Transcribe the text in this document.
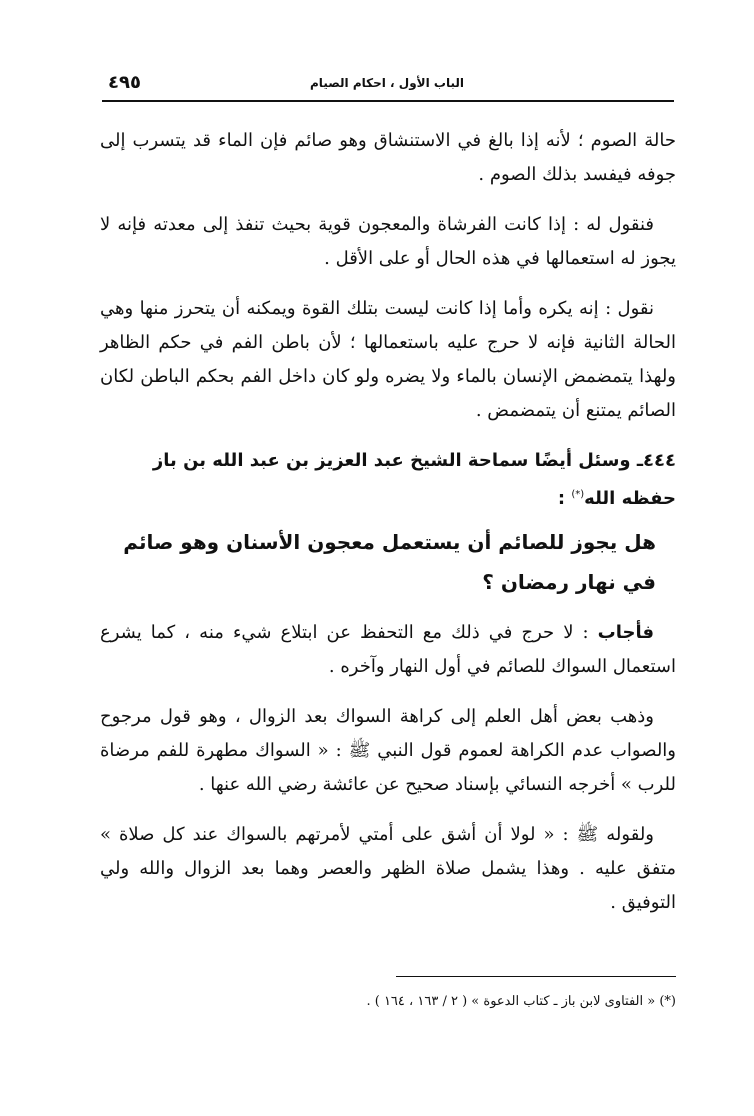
الباب الأول ، احكام الصيام
٤٩٥

حالة الصوم ؛ لأنه إذا بالغ في الاستنشاق وهو صائم فإن الماء قد يتسرب إلى جوفه فيفسد بذلك الصوم .

فنقول له : إذا كانت الفرشاة والمعجون قوية بحيث تنفذ إلى معدته فإنه لا يجوز له استعمالها في هذه الحال أو على الأقل .

نقول : إنه يكره وأما إذا كانت ليست بتلك القوة ويمكنه أن يتحرز منها وهي الحالة الثانية فإنه لا حرج عليه باستعمالها ؛ لأن باطن الفم في حكم الظاهر ولهذا يتمضمض الإنسان بالماء ولا يضره ولو كان داخل الفم بحكم الباطن لكان الصائم يمتنع أن يتمضمض .

٤٤٤ـ وسئل أيضًا سماحة الشيخ عبد العزيز بن عبد الله بن باز حفظه الله(*) :
هل يجوز للصائم أن يستعمل معجون الأسنان وهو صائم في نهار رمضان ؟

فأجاب : لا حرج في ذلك مع التحفظ عن ابتلاع شيء منه ، كما يشرع استعمال السواك للصائم في أول النهار وآخره .

وذهب بعض أهل العلم إلى كراهة السواك بعد الزوال ، وهو قول مرجوح والصواب عدم الكراهة لعموم قول النبي ﷺ : « السواك مطهرة للفم مرضاة للرب » أخرجه النسائي بإسناد صحيح عن عائشة رضي الله عنها .

ولقوله ﷺ : « لولا أن أشق على أمتي لأمرتهم بالسواك عند كل صلاة » متفق عليه . وهذا يشمل صلاة الظهر والعصر وهما بعد الزوال والله ولي التوفيق .

(*) « الفتاوى لابن باز ـ كتاب الدعوة » ( ٢ / ١٦٣ ، ١٦٤ ) .
